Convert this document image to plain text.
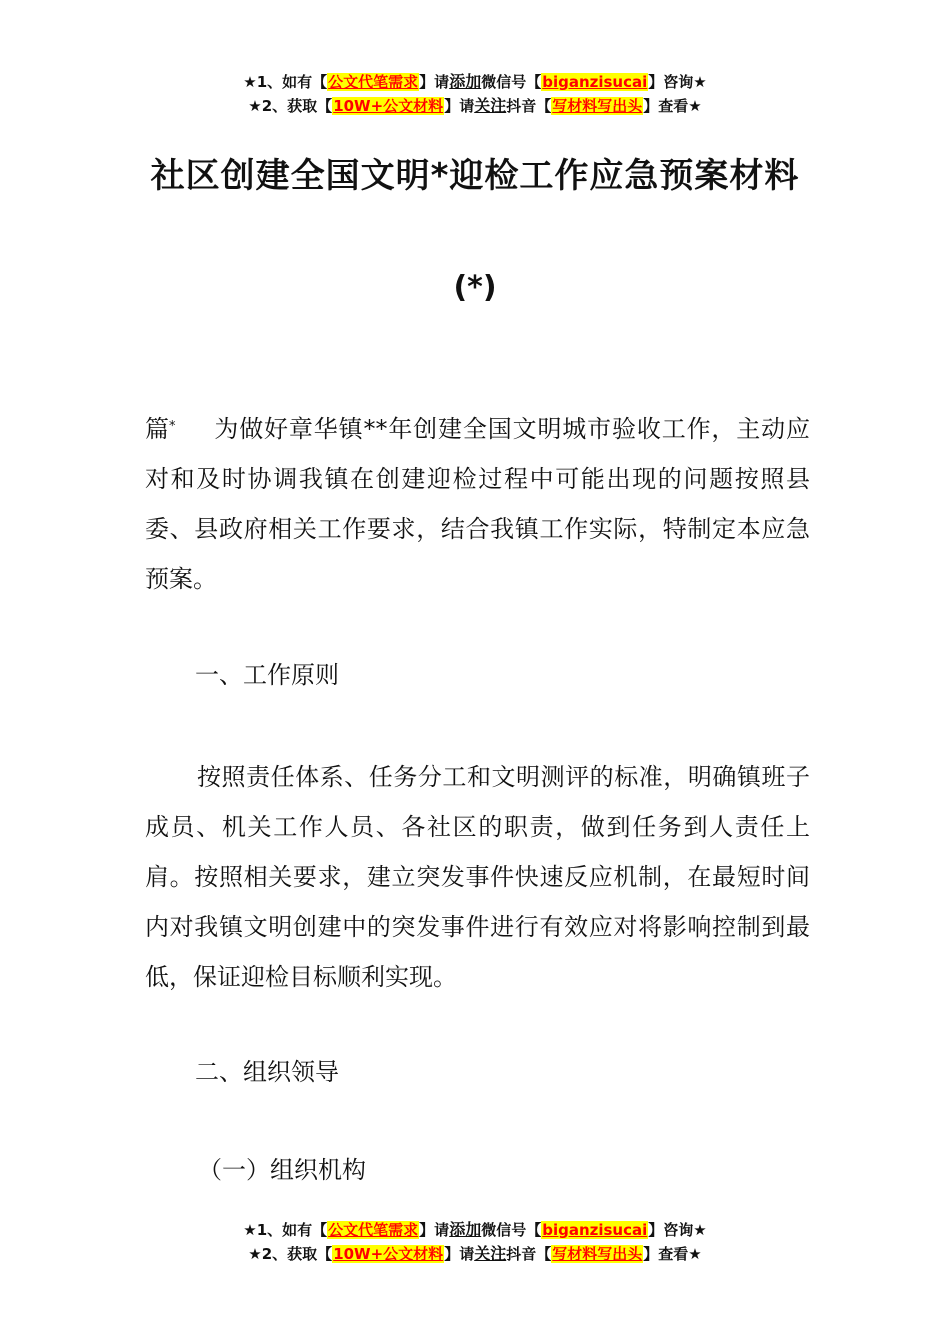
★1、如有【公文代笔需求】请添加微信号【biganzisucai】咨询★
★2、获取【10W+公文材料】请关注抖音【写材料写出头】查看★
社区创建全国文明*迎检工作应急预案材料
(*)
篇* 为做好章华镇**年创建全国文明城市验收工作，主动应对和及时协调我镇在创建迎检过程中可能出现的问题按照县委、县政府相关工作要求，结合我镇工作实际，特制定本应急预案。
一、工作原则
按照责任体系、任务分工和文明测评的标准，明确镇班子成员、机关工作人员、各社区的职责，做到任务到人责任上肩。按照相关要求，建立突发事件快速反应机制，在最短时间内对我镇文明创建中的突发事件进行有效应对将影响控制到最低，保证迎检目标顺利实现。
二、组织领导
（一）组织机构
★1、如有【公文代笔需求】请添加微信号【biganzisucai】咨询★
★2、获取【10W+公文材料】请关注抖音【写材料写出头】查看★
